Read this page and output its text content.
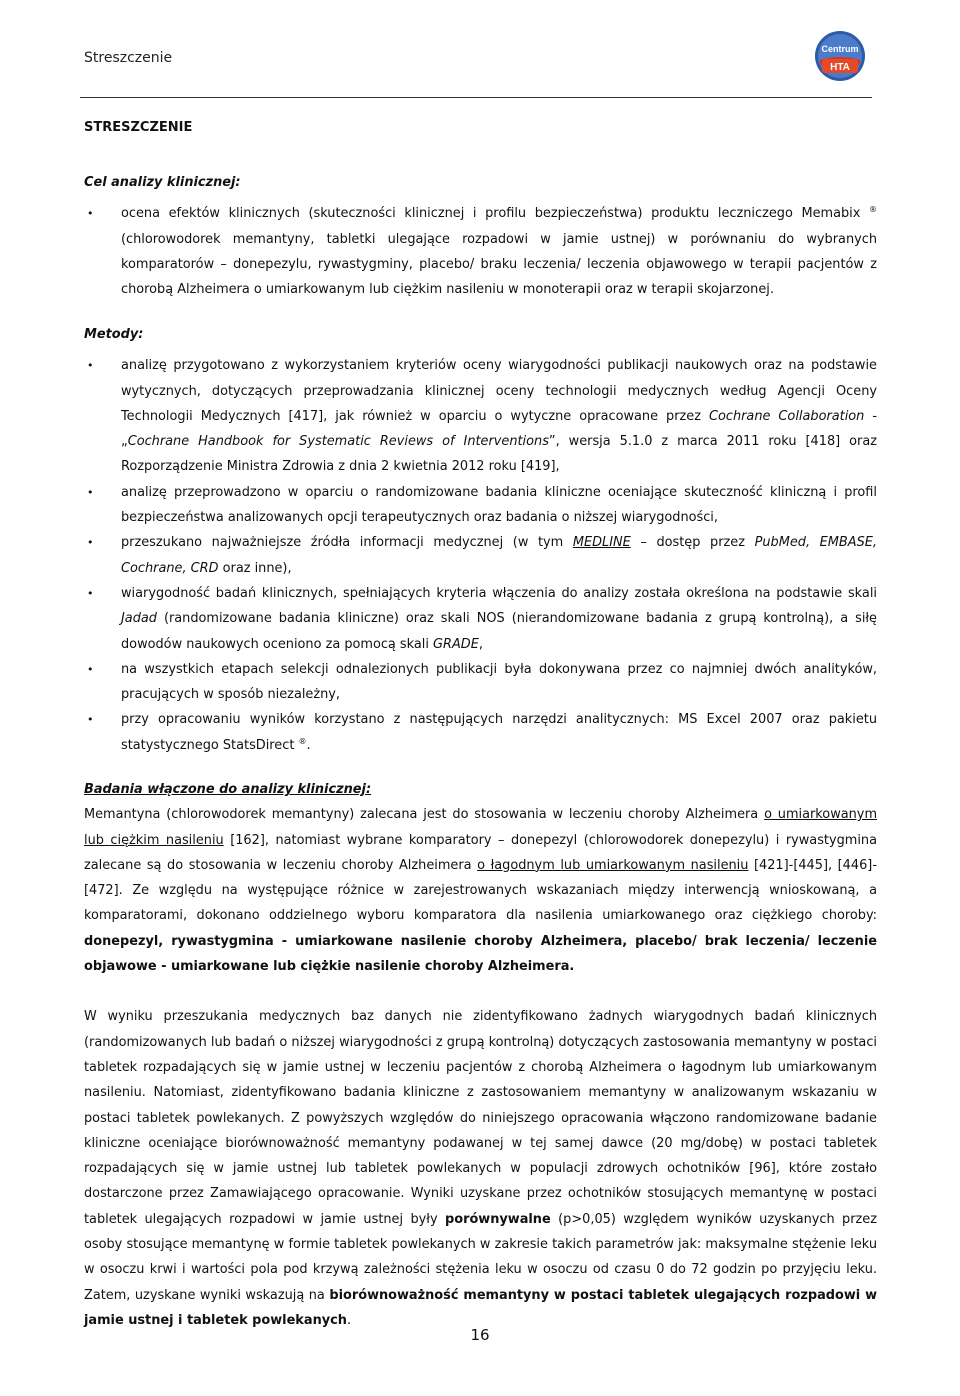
Streszczenie
Centrum
HTA
STRESZCZENIE
Cel analizy klinicznej:
• ocena efektów klinicznych (skuteczności klinicznej i profilu bezpieczeństwa) produktu leczniczego Memabix ® (chlorowodorek memantyny, tabletki ulegające rozpadowi w jamie ustnej) w porównaniu do wybranych komparatorów – donepezylu, rywastygminy, placebo/ braku leczenia/ leczenia objawowego w terapii pacjentów z chorobą Alzheimera o umiarkowanym lub ciężkim nasileniu w monoterapii oraz w terapii skojarzonej.
Metody:
• analizę przygotowano z wykorzystaniem kryteriów oceny wiarygodności publikacji naukowych oraz na podstawie wytycznych, dotyczących przeprowadzania klinicznej oceny technologii medycznych według Agencji Oceny Technologii Medycznych [417], jak również w oparciu o wytyczne opracowane przez Cochrane Collaboration - „Cochrane Handbook for Systematic Reviews of Interventions”, wersja 5.1.0 z marca 2011 roku [418] oraz Rozporządzenie Ministra Zdrowia z dnia 2 kwietnia 2012 roku [419],
• analizę przeprowadzono w oparciu o randomizowane badania kliniczne oceniające skuteczność kliniczną i profil bezpieczeństwa analizowanych opcji terapeutycznych oraz badania o niższej wiarygodności,
• przeszukano najważniejsze źródła informacji medycznej (w tym MEDLINE – dostęp przez PubMed, EMBASE, Cochrane, CRD oraz inne),
• wiarygodność badań klinicznych, spełniających kryteria włączenia do analizy została określona na podstawie skali Jadad (randomizowane badania kliniczne) oraz skali NOS (nierandomizowane badania z grupą kontrolną), a siłę dowodów naukowych oceniono za pomocą skali GRADE,
• na wszystkich etapach selekcji odnalezionych publikacji była dokonywana przez co najmniej dwóch analityków, pracujących w sposób niezależny,
• przy opracowaniu wyników korzystano z następujących narzędzi analitycznych: MS Excel 2007 oraz pakietu statystycznego StatsDirect ®.
Badania włączone do analizy klinicznej:

Memantyna (chlorowodorek memantyny) zalecana jest do stosowania w leczeniu choroby Alzheimera o umiarkowanym lub ciężkim nasileniu [162], natomiast wybrane komparatory – donepezyl (chlorowodorek donepezylu) i rywastygmina zalecane są do stosowania w leczeniu choroby Alzheimera o łagodnym lub umiarkowanym nasileniu [421]-[445], [446]-[472]. Ze względu na występujące różnice w zarejestrowanych wskazaniach między interwencją wnioskowaną, a komparatorami, dokonano oddzielnego wyboru komparatora dla nasilenia umiarkowanego oraz ciężkiego choroby: donepezyl, rywastygmina - umiarkowane nasilenie choroby Alzheimera, placebo/ brak leczenia/ leczenie objawowe - umiarkowane lub ciężkie nasilenie choroby Alzheimera.

W wyniku przeszukania medycznych baz danych nie zidentyfikowano żadnych wiarygodnych badań klinicznych (randomizowanych lub badań o niższej wiarygodności z grupą kontrolną) dotyczących zastosowania memantyny w postaci tabletek rozpadających się w jamie ustnej w leczeniu pacjentów z chorobą Alzheimera o łagodnym lub umiarkowanym nasileniu. Natomiast, zidentyfikowano badania kliniczne z zastosowaniem memantyny w analizowanym wskazaniu w postaci tabletek powlekanych. Z powyższych względów do niniejszego opracowania włączono randomizowane badanie kliniczne oceniające biorównoważność memantyny podawanej w tej samej dawce (20 mg/dobę) w postaci tabletek rozpadających się w jamie ustnej lub tabletek powlekanych w populacji zdrowych ochotników [96], które zostało dostarczone przez Zamawiającego opracowanie. Wyniki uzyskane przez ochotników stosujących memantynę w postaci tabletek ulegających rozpadowi w jamie ustnej były porównywalne (p>0,05) względem wyników uzyskanych przez osoby stosujące memantynę w formie tabletek powlekanych w zakresie takich parametrów jak: maksymalne stężenie leku w osoczu krwi i wartości pola pod krzywą zależności stężenia leku w osoczu od czasu 0 do 72 godzin po przyjęciu leku. Zatem, uzyskane wyniki wskazują na biorównoważność memantyny w postaci tabletek ulegających rozpadowi w jamie ustnej i tabletek powlekanych.

16
